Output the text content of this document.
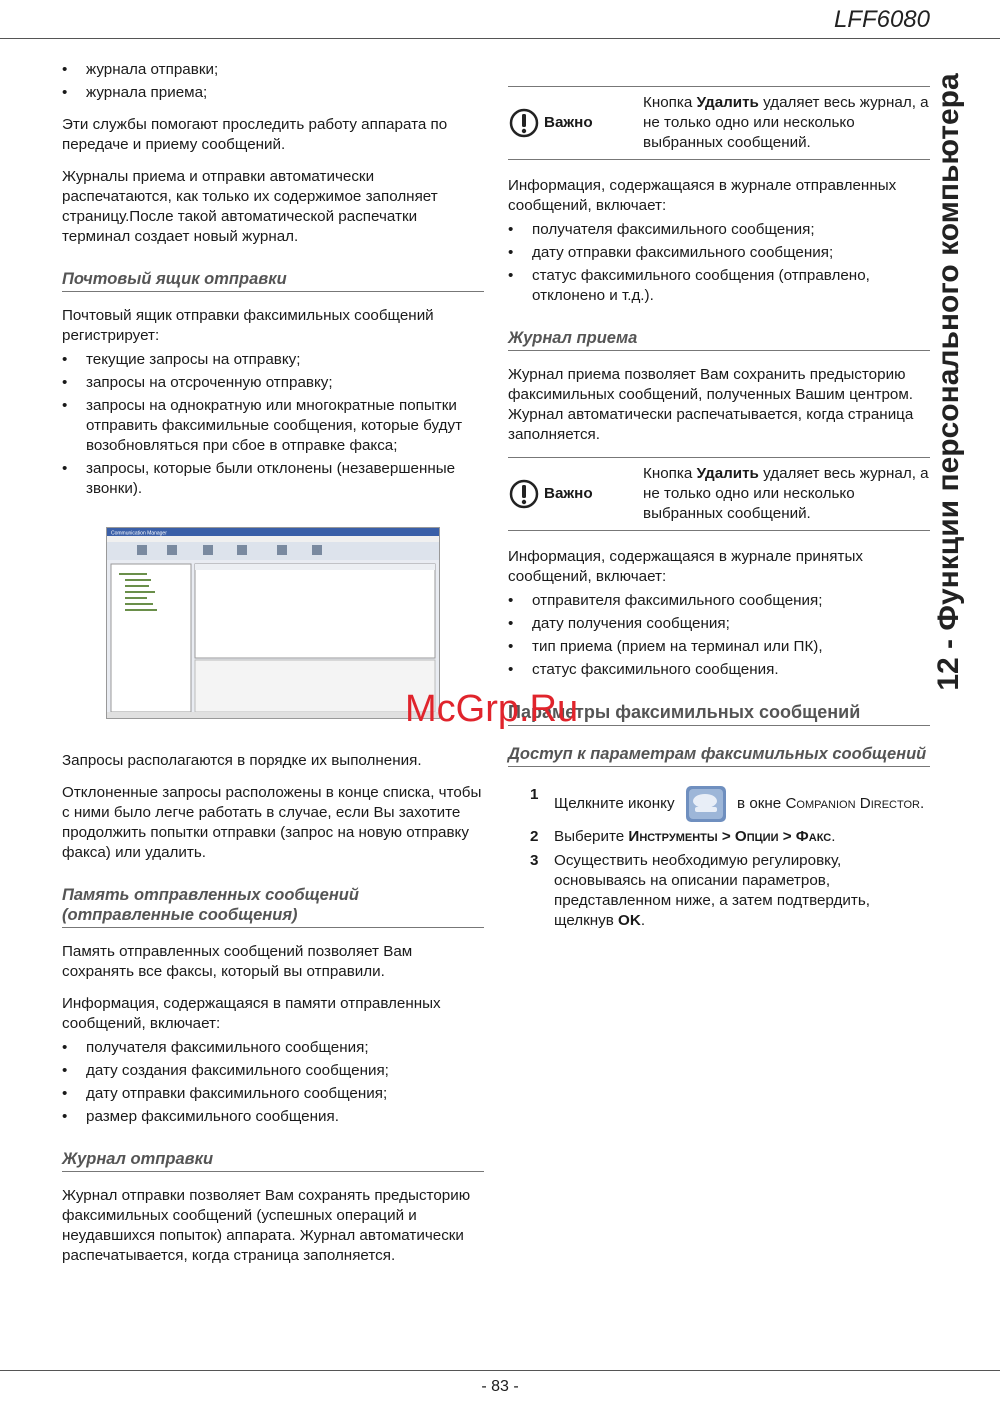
LFF6080
12 - Функции персонального компьютера
• журнала отправки;
• журнала приема;

Эти службы помогают проследить работу аппарата по передаче и приему сообщений.

Журналы приема и отправки автоматически распечатаются, как только их содержимое заполняет страницу.После такой автоматической распечатки терминал создает новый журнал.

Почтовый ящик отправки

Почтовый ящик отправки факсимильных сообщений регистрирует:

• текущие запросы на отправку;
• запросы на отсроченную отправку;
• запросы на однократную или многократные попытки отправить факсимильные сообщения, которые будут возобновляться при сбое в отправке факса;
• запросы, которые были отклонены (незавершенные звонки).
Communication Manager

Запросы располагаются в порядке их выполнения.

Отклоненные запросы расположены в конце списка, чтобы с ними было легче работать в случае, если Вы захотите продолжить попытки отправки (запрос на новую отправку факса) или удалить.

Память отправленных сообщений (отправленные сообщения)

Память отправленных сообщений позволяет Вам сохранять все факсы, который вы отправили.

Информация, содержащаяся в памяти отправленных сообщений, включает:

• получателя факсимильного сообщения;
• дату создания факсимильного сообщения;
• дату отправки факсимильного сообщения;
• размер факсимильного сообщения.
Журнал отправки

Журнал отправки позволяет Вам сохранять предысторию факсимильных сообщений (успешных операций и неудавшихся попыток) аппарата. Журнал автоматически распечатывается, когда страница заполняется.

Важно
Кнопка Удалить удаляет весь журнал, а не только одно или несколько выбранных сообщений.

Информация, содержащаяся в журнале отправленных сообщений, включает:

• получателя факсимильного сообщения;
• дату отправки факсимильного сообщения;
• статус факсимильного сообщения (отправлено, отклонено и т.д.).
Журнал приема

Журнал приема позволяет Вам сохранить предысторию факсимильных сообщений, полученных Вашим центром. Журнал автоматически распечатывается, когда страница заполняется.

Важно
Кнопка Удалить удаляет весь журнал, а не только одно или несколько выбранных сообщений.

Информация, содержащаяся в журнале принятых сообщений, включает:

• отправителя факсимильного сообщения;
• дату получения сообщения;
• тип приема (прием на терминал или ПК),
• статус факсимильного сообщения.
Параметры факсимильных сообщений
Доступ к параметрам факсимильных сообщений
1
Щелкните иконку	в окне Companion Director.
2 Выберите Инструменты > Опции > Факс.
3 Осуществить необходимую регулировку, основываясь на описании параметров, представленном ниже, а затем подтвердить, щелкнув OK.
McGrp.Ru
- 83 -
